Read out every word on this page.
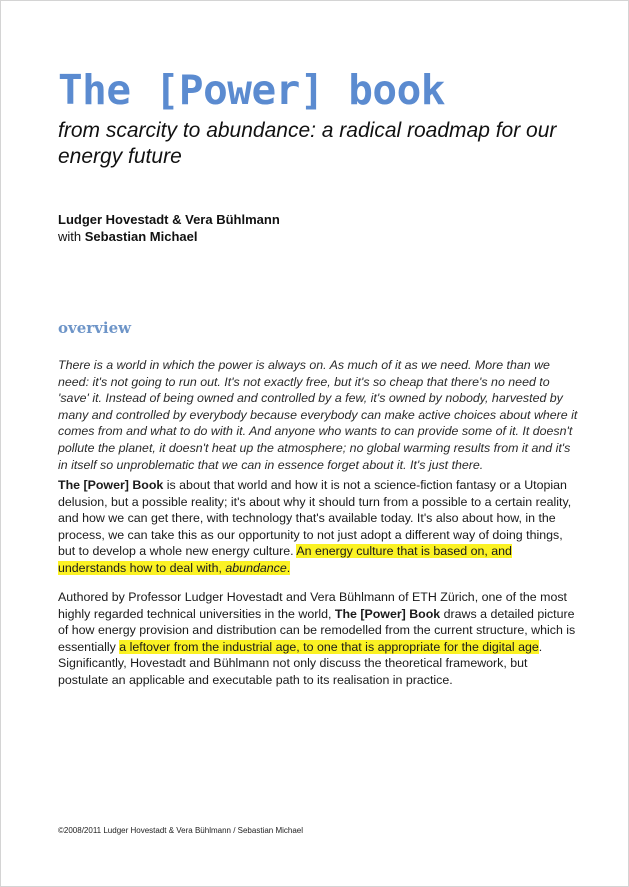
The [Power] book
from scarcity to abundance: a radical roadmap for our energy future
Ludger Hovestadt & Vera Bühlmann
with Sebastian Michael
overview

There is a world in which the power is always on. As much of it as we need. More than we need: it's not going to run out. It's not exactly free, but it's so cheap that there's no need to 'save' it. Instead of being owned and controlled by a few, it's owned by nobody, harvested by many and controlled by everybody because everybody can make active choices about where it comes from and what to do with it. And anyone who wants to can provide some of it. It doesn't pollute the planet, it doesn't heat up the atmosphere; no global warming results from it and it's in itself so unproblematic that we can in essence forget about it. It's just there.

The [Power] Book is about that world and how it is not a science-fiction fantasy or a Utopian delusion, but a possible reality; it's about why it should turn from a possible to a certain reality, and how we can get there, with technology that's available today. It's also about how, in the process, we can take this as our opportunity to not just adopt a different way of doing things, but to develop a whole new energy culture. An energy culture that is based on, and understands how to deal with, abundance.

Authored by Professor Ludger Hovestadt and Vera Bühlmann of ETH Zürich, one of the most highly regarded technical universities in the world, The [Power] Book draws a detailed picture of how energy provision and distribution can be remodelled from the current structure, which is essentially a leftover from the industrial age, to one that is appropriate for the digital age. Significantly, Hovestadt and Bühlmann not only discuss the theoretical framework, but postulate an applicable and executable path to its realisation in practice.

©2008/2011 Ludger Hovestadt & Vera Bühlmann / Sebastian Michael
